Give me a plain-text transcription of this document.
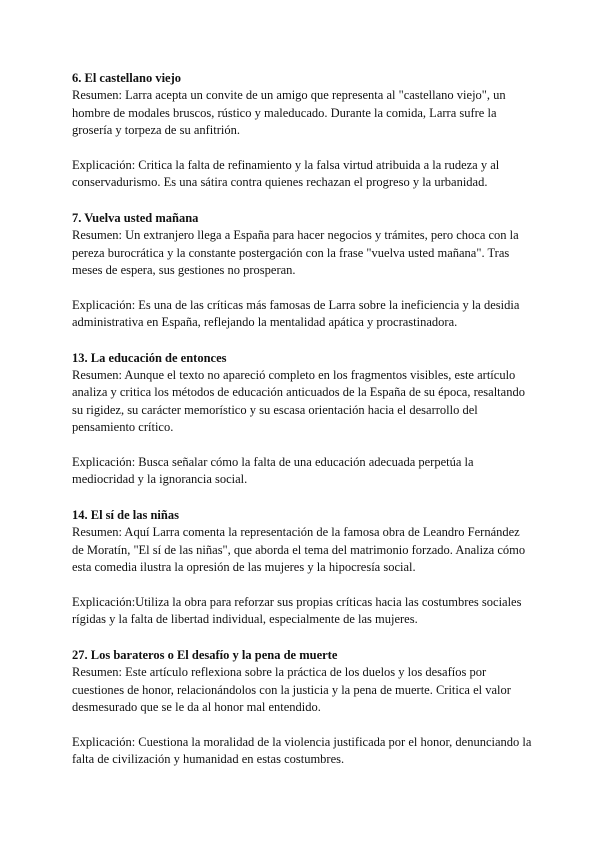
6. El castellano viejo

Resumen: Larra acepta un convite de un amigo que representa al "castellano viejo", un hombre de modales bruscos, rústico y maleducado. Durante la comida, Larra sufre la grosería y torpeza de su anfitrión.

Explicación: Critica la falta de refinamiento y la falsa virtud atribuida a la rudeza y al conservadurismo. Es una sátira contra quienes rechazan el progreso y la urbanidad.

7. Vuelva usted mañana

Resumen: Un extranjero llega a España para hacer negocios y trámites, pero choca con la pereza burocrática y la constante postergación con la frase "vuelva usted mañana". Tras meses de espera, sus gestiones no prosperan.

Explicación: Es una de las críticas más famosas de Larra sobre la ineficiencia y la desidia administrativa en España, reflejando la mentalidad apática y procrastinadora.

13. La educación de entonces

Resumen: Aunque el texto no apareció completo en los fragmentos visibles, este artículo analiza y critica los métodos de educación anticuados de la España de su época, resaltando su rigidez, su carácter memorístico y su escasa orientación hacia el desarrollo del pensamiento crítico.

Explicación: Busca señalar cómo la falta de una educación adecuada perpetúa la mediocridad y la ignorancia social.

14. El sí de las niñas

Resumen: Aquí Larra comenta la representación de la famosa obra de Leandro Fernández de Moratín, "El sí de las niñas", que aborda el tema del matrimonio forzado. Analiza cómo esta comedia ilustra la opresión de las mujeres y la hipocresía social.

Explicación:Utiliza la obra para reforzar sus propias críticas hacia las costumbres sociales rígidas y la falta de libertad individual, especialmente de las mujeres.

27. Los barateros o El desafío y la pena de muerte

Resumen: Este artículo reflexiona sobre la práctica de los duelos y los desafíos por cuestiones de honor, relacionándolos con la justicia y la pena de muerte. Critica el valor desmesurado que se le da al honor mal entendido.

Explicación: Cuestiona la moralidad de la violencia justificada por el honor, denunciando la falta de civilización y humanidad en estas costumbres.
